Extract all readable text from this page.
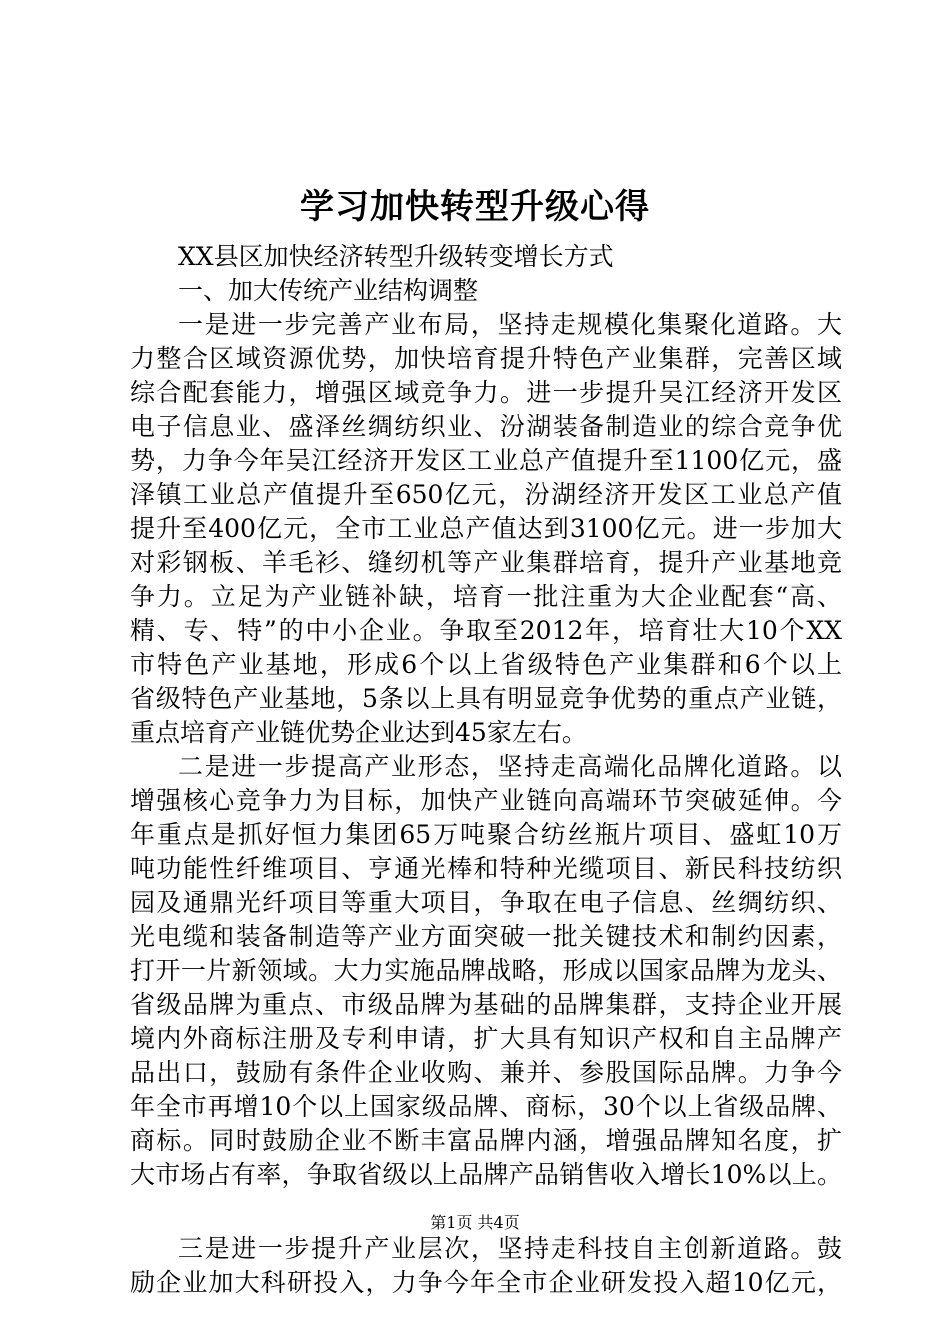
学习加快转型升级心得
XX县区加快经济转型升级转变增长方式
一、加大传统产业结构调整
一是进一步完善产业布局，坚持走规模化集聚化道路。大
力整合区域资源优势，加快培育提升特色产业集群，完善区域
综合配套能力，增强区域竞争力。进一步提升吴江经济开发区
电子信息业、盛泽丝绸纺织业、汾湖装备制造业的综合竞争优
势，力争今年吴江经济开发区工业总产值提升至1100亿元，盛
泽镇工业总产值提升至650亿元，汾湖经济开发区工业总产值
提升至400亿元，全市工业总产值达到3100亿元。进一步加大
对彩钢板、羊毛衫、缝纫机等产业集群培育，提升产业基地竞
争力。立足为产业链补缺，培育一批注重为大企业配套“高、
精、专、特”的中小企业。争取至2012年，培育壮大10个XX
市特色产业基地，形成6个以上省级特色产业集群和6个以上
省级特色产业基地，5条以上具有明显竞争优势的重点产业链，
重点培育产业链优势企业达到45家左右。
二是进一步提高产业形态，坚持走高端化品牌化道路。以
增强核心竞争力为目标，加快产业链向高端环节突破延伸。今
年重点是抓好恒力集团65万吨聚合纺丝瓶片项目、盛虹10万
吨功能性纤维项目、亨通光棒和特种光缆项目、新民科技纺织
园及通鼎光纤项目等重大项目，争取在电子信息、丝绸纺织、
光电缆和装备制造等产业方面突破一批关键技术和制约因素，
打开一片新领域。大力实施品牌战略，形成以国家品牌为龙头、
省级品牌为重点、市级品牌为基础的品牌集群，支持企业开展
境内外商标注册及专利申请，扩大具有知识产权和自主品牌产
品出口，鼓励有条件企业收购、兼并、参股国际品牌。力争今
年全市再增10个以上国家级品牌、商标，30个以上省级品牌、
商标。同时鼓励企业不断丰富品牌内涵，增强品牌知名度，扩
大市场占有率，争取省级以上品牌产品销售收入增长10%以上。
三是进一步提升产业层次，坚持走科技自主创新道路。鼓
励企业加大科研投入，力争今年全市企业研发投入超10亿元，
第1页 共4页
